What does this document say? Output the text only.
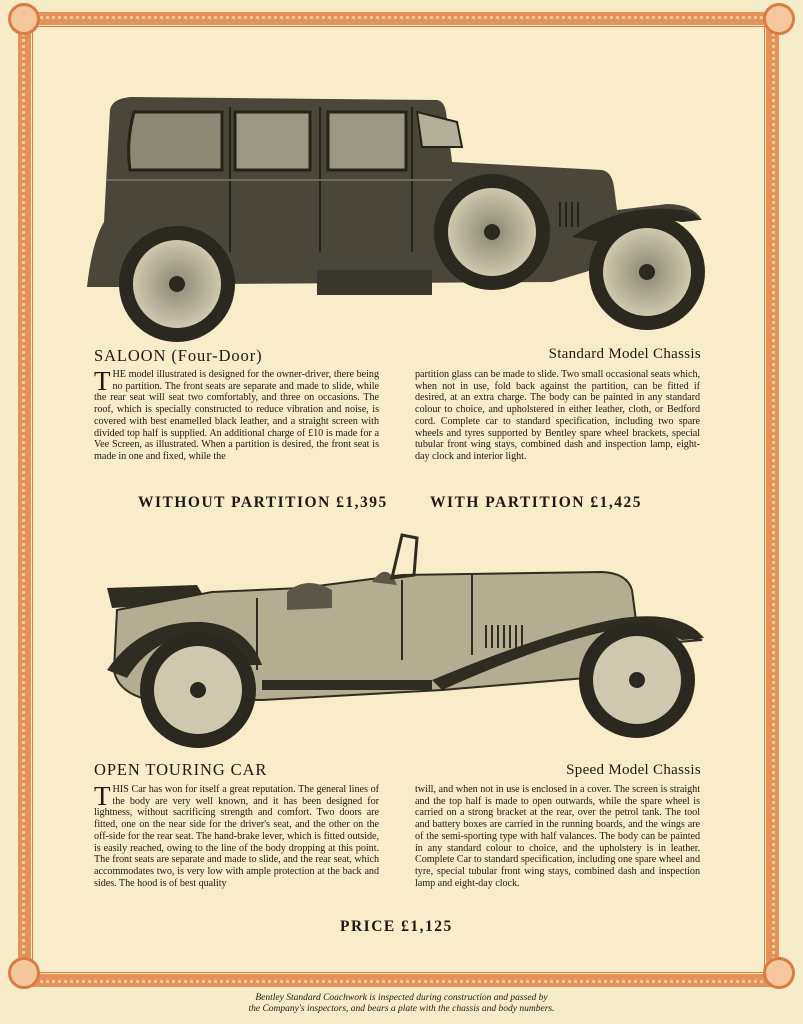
SALOON (Four-Door)	Standard Model Chassis
THE model illustrated is designed for the owner-driver, there being no partition. The front seats are separate and made to slide, while the rear seat will seat two comfortably, and three on occasions. The roof, which is specially constructed to reduce vibration and noise, is covered with best enamelled black leather, and a straight screen with divided top half is supplied. An additional charge of £10 is made for a Vee Screen, as illustrated. When a partition is desired, the front seat is made in one and fixed, while the
partition glass can be made to slide. Two small occasional seats which, when not in use, fold back against the partition, can be fitted if desired, at an extra charge. The body can be painted in any standard colour to choice, and upholstered in either leather, cloth, or Bedford cord. Complete car to standard specification, including two spare wheels and tyres supported by Bentley spare wheel brackets, special tubular front wing stays, combined dash and inspection lamp, eight-day clock and interior light.
WITHOUT PARTITION £1,395	WITH PARTITION £1,425
OPEN TOURING CAR	Speed Model Chassis
THIS Car has won for itself a great reputation. The general lines of the body are very well known, and it has been designed for lightness, without sacrificing strength and comfort. Two doors are fitted, one on the near side for the driver's seat, and the other on the off-side for the rear seat. The hand-brake lever, which is fitted outside, is easily reached, owing to the line of the body dropping at this point. The front seats are separate and made to slide, and the rear seat, which accommodates two, is very low with ample protection at the back and sides. The hood is of best quality
twill, and when not in use is enclosed in a cover. The screen is straight and the top half is made to open outwards, while the spare wheel is carried on a strong bracket at the rear, over the petrol tank. The tool and battery boxes are carried in the running boards, and the wings are of the semi-sporting type with half valances. The body can be painted in any standard colour to choice, and the upholstery is in leather. Complete Car to standard specification, including one spare wheel and tyre, special tubular front wing stays, combined dash and inspection lamp and eight-day clock.
PRICE £1,125
Bentley Standard Coachwork is inspected during construction and passed by
the Company's inspectors, and bears a plate with the chassis and body numbers.
